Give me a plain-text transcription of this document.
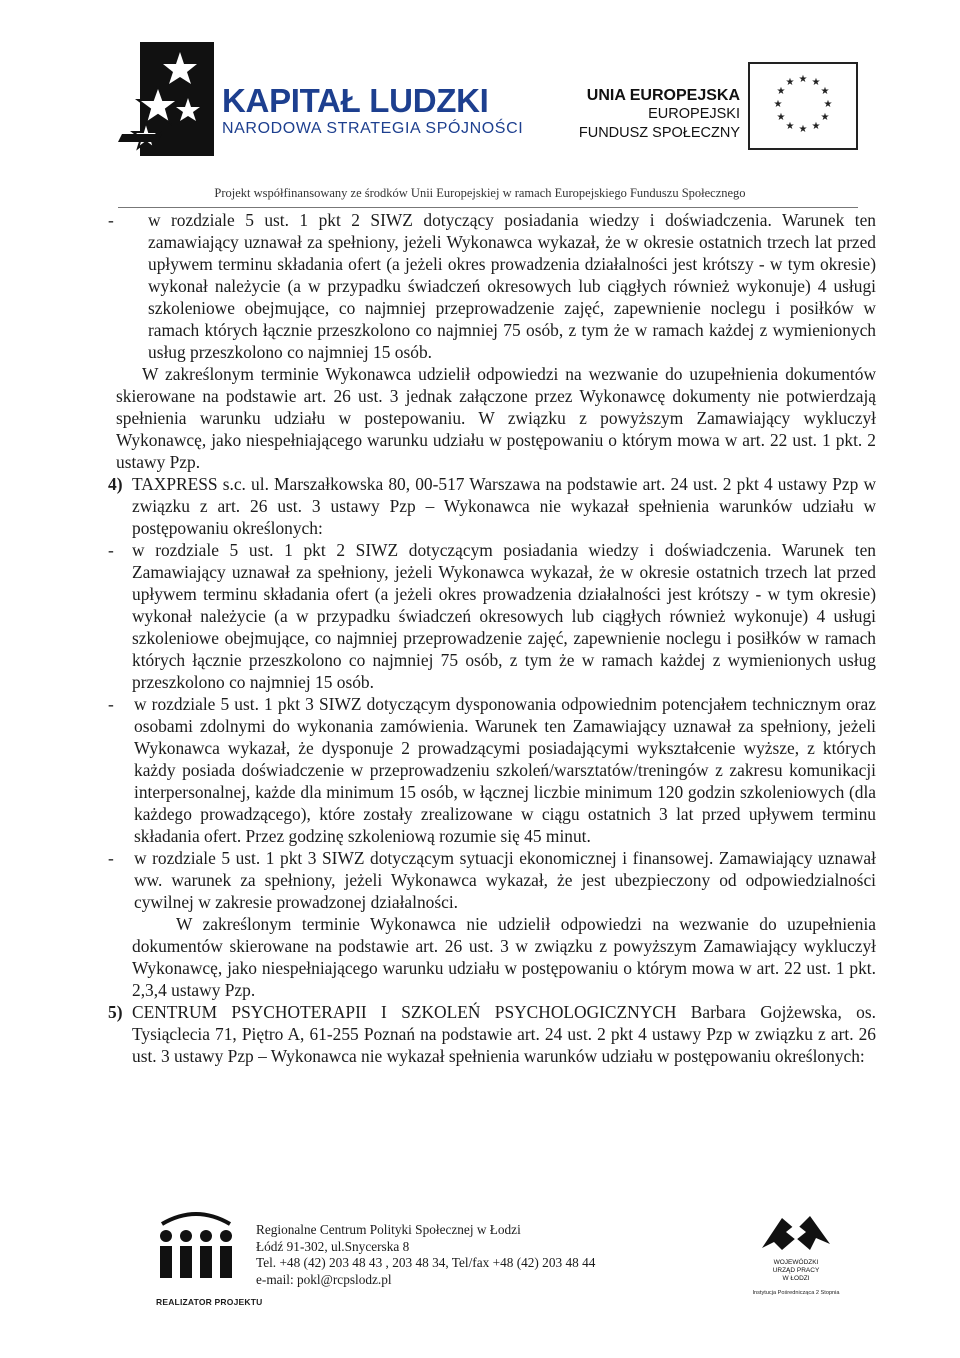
KAPITAŁ LUDZKI
NARODOWA STRATEGIA SPÓJNOŚCI
UNIA EUROPEJSKA
EUROPEJSKI
FUNDUSZ SPOŁECZNY
★ ★
★
★
★
★
★
★
★
★
★
★
Projekt współfinansowany ze środków Unii Europejskiej w ramach Europejskiego Funduszu Społecznego

- w rozdziale 5 ust. 1 pkt 2 SIWZ dotyczący posiadania wiedzy i doświadczenia. Warunek ten zamawiający uznawał za spełniony, jeżeli Wykonawca wykazał, że w okresie ostatnich trzech lat przed upływem terminu składania ofert (a jeżeli okres prowadzenia działalności jest krótszy - w tym okresie) wykonał należycie (a w przypadku świadczeń okresowych lub ciągłych również wykonuje) 4 usługi szkoleniowe obejmujące, co najmniej przeprowadzenie zajęć, zapewnienie noclegu i posiłków w ramach których łącznie przeszkolono co najmniej 75 osób, z tym że w ramach każdej z wymienionych usług przeszkolono co najmniej 15 osób.

W zakreślonym terminie Wykonawca udzielił odpowiedzi na wezwanie do uzupełnienia dokumentów skierowane na podstawie art. 26 ust. 3 jednak załączone przez Wykonawcę dokumenty nie potwierdzają spełnienia warunku udziału w postepowaniu. W związku z powyższym Zamawiający wykluczył Wykonawcę, jako niespełniającego warunku udziału w postępowaniu o którym mowa w art. 22 ust. 1 pkt. 2 ustawy Pzp.

4) TAXPRESS s.c. ul. Marszałkowska 80, 00-517 Warszawa na podstawie art. 24 ust. 2 pkt 4 ustawy Pzp w związku z art. 26 ust. 3 ustawy Pzp – Wykonawca nie wykazał spełnienia warunków udziału w postępowaniu określonych:

- w rozdziale 5 ust. 1 pkt 2 SIWZ dotyczącym posiadania wiedzy i doświadczenia. Warunek ten Zamawiający uznawał za spełniony, jeżeli Wykonawca wykazał, że w okresie ostatnich trzech lat przed upływem terminu składania ofert (a jeżeli okres prowadzenia działalności jest krótszy - w tym okresie) wykonał należycie (a w przypadku świadczeń okresowych lub ciągłych również wykonuje) 4 usługi szkoleniowe obejmujące, co najmniej przeprowadzenie zajęć, zapewnienie noclegu i posiłków w ramach których łącznie przeszkolono co najmniej 75 osób, z tym że w ramach każdej z wymienionych usług przeszkolono co najmniej 15 osób.

- w rozdziale 5 ust. 1 pkt 3 SIWZ dotyczącym dysponowania odpowiednim potencjałem technicznym oraz osobami zdolnymi do wykonania zamówienia. Warunek ten Zamawiający uznawał za spełniony, jeżeli Wykonawca wykazał, że dysponuje 2 prowadzącymi posiadającymi wykształcenie wyższe, z których każdy posiada doświadczenie w przeprowadzeniu szkoleń/warsztatów/treningów z zakresu komunikacji interpersonalnej, każde dla minimum 15 osób, w łącznej liczbie minimum 120 godzin szkoleniowych (dla każdego prowadzącego), które zostały zrealizowane w ciągu ostatnich 3 lat przed upływem terminu składania ofert. Przez godzinę szkoleniową rozumie się 45 minut.

- w rozdziale 5 ust. 1 pkt 3 SIWZ dotyczącym sytuacji ekonomicznej i finansowej. Zamawiający uznawał ww. warunek za spełniony, jeżeli Wykonawca wykazał, że jest ubezpieczony od odpowiedzialności cywilnej w zakresie prowadzonej działalności.

W zakreślonym terminie Wykonawca nie udzielił odpowiedzi na wezwanie do uzupełnienia dokumentów skierowane na podstawie art. 26 ust. 3 w związku z powyższym Zamawiający wykluczył Wykonawcę, jako niespełniającego warunku udziału w postępowaniu o którym mowa w art. 22 ust. 1 pkt. 2,3,4 ustawy Pzp.

5) CENTRUM PSYCHOTERAPII I SZKOLEŃ PSYCHOLOGICZNYCH Barbara Gojżewska, os. Tysiąclecia 71, Piętro A, 61-255 Poznań na podstawie art. 24 ust. 2 pkt 4 ustawy Pzp w związku z art. 26 ust. 3 ustawy Pzp – Wykonawca nie wykazał spełnienia warunków udziału w postępowaniu określonych:

REALIZATOR PROJEKTU
Regionalne Centrum Polityki Społecznej w Łodzi
Łódź 91-302, ul.Snycerska 8
Tel. +48 (42) 203 48 43 , 203 48 34, Tel/fax +48 (42) 203 48 44
e-mail: pokl@rcpslodz.pl
WOJEWÓDZKI
URZĄD PRACY
W ŁODZI
Instytucja Pośrednicząca 2 Stopnia
